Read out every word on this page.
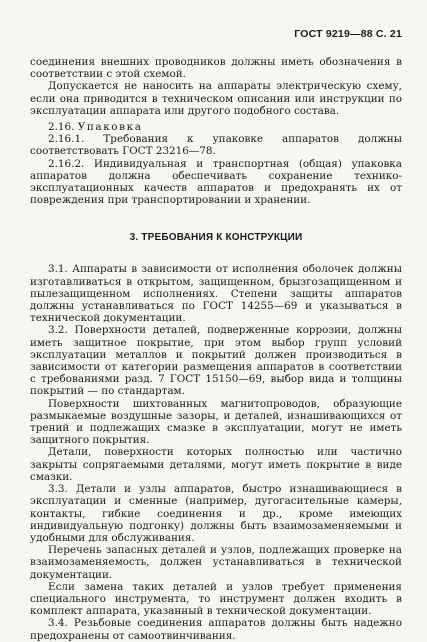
ГОСТ 9219—88 С. 21

соединения внешних проводников должны иметь обозначения в соответствии с этой схемой.

Допускается не наносить на аппараты электрическую схему, если она приводится в техническом описании или инструкции по эксплуатации аппарата или другого подобного состава.

2.16. Упаковка

2.16.1. Требования к упаковке аппаратов должны соответствовать ГОСТ 23216—78.

2.16.2. Индивидуальная и транспортная (общая) упаковка аппаратов должна обеспечивать сохранение технико-эксплуатационных качеств аппаратов и предохранять их от повреждения при транспортировании и хранении.

3. ТРЕБОВАНИЯ К КОНСТРУКЦИИ

3.1. Аппараты в зависимости от исполнения оболочек должны изготавливаться в открытом, защищенном, брызгозащищенном и пылезащищенном исполнениях. Степени защиты аппаратов должны устанавливаться по ГОСТ 14255—69 и указываться в технической документации.

3.2. Поверхности деталей, подверженные коррозии, должны иметь защитное покрытие, при этом выбор групп условий эксплуатации металлов и покрытий должен производиться в зависимости от категории размещения аппаратов в соответствии с требованиями разд. 7 ГОСТ 15150—69, выбор вида и толщины покрытий — по стандартам.

Поверхности шихтованных магнитопроводов, образующие размыкаемые воздушные зазоры, и деталей, изнашивающихся от трений и подлежащих смазке в эксплуатации, могут не иметь защитного покрытия.

Детали, поверхности которых полностью или частично закрыты сопрягаемыми деталями, могут иметь покрытие в виде смазки.

3.3. Детали и узлы аппаратов, быстро изнашивающиеся в эксплуатации и сменные (например, дугогасительные камеры, контакты, гибкие соединения и др., кроме имеющих индивидуальную подгонку) должны быть взаимозаменяемыми и удобными для обслуживания.

Перечень запасных деталей и узлов, подлежащих проверке на взаимозаменяемость, должен устанавливаться в технической документации.

Если замена таких деталей и узлов требует применения специального инструмента, то инструмент должен входить в комплект аппарата, указанный в технической документации.

3.4. Резьбовые соединения аппаратов должны быть надежно предохранены от самоотвинчивания.
